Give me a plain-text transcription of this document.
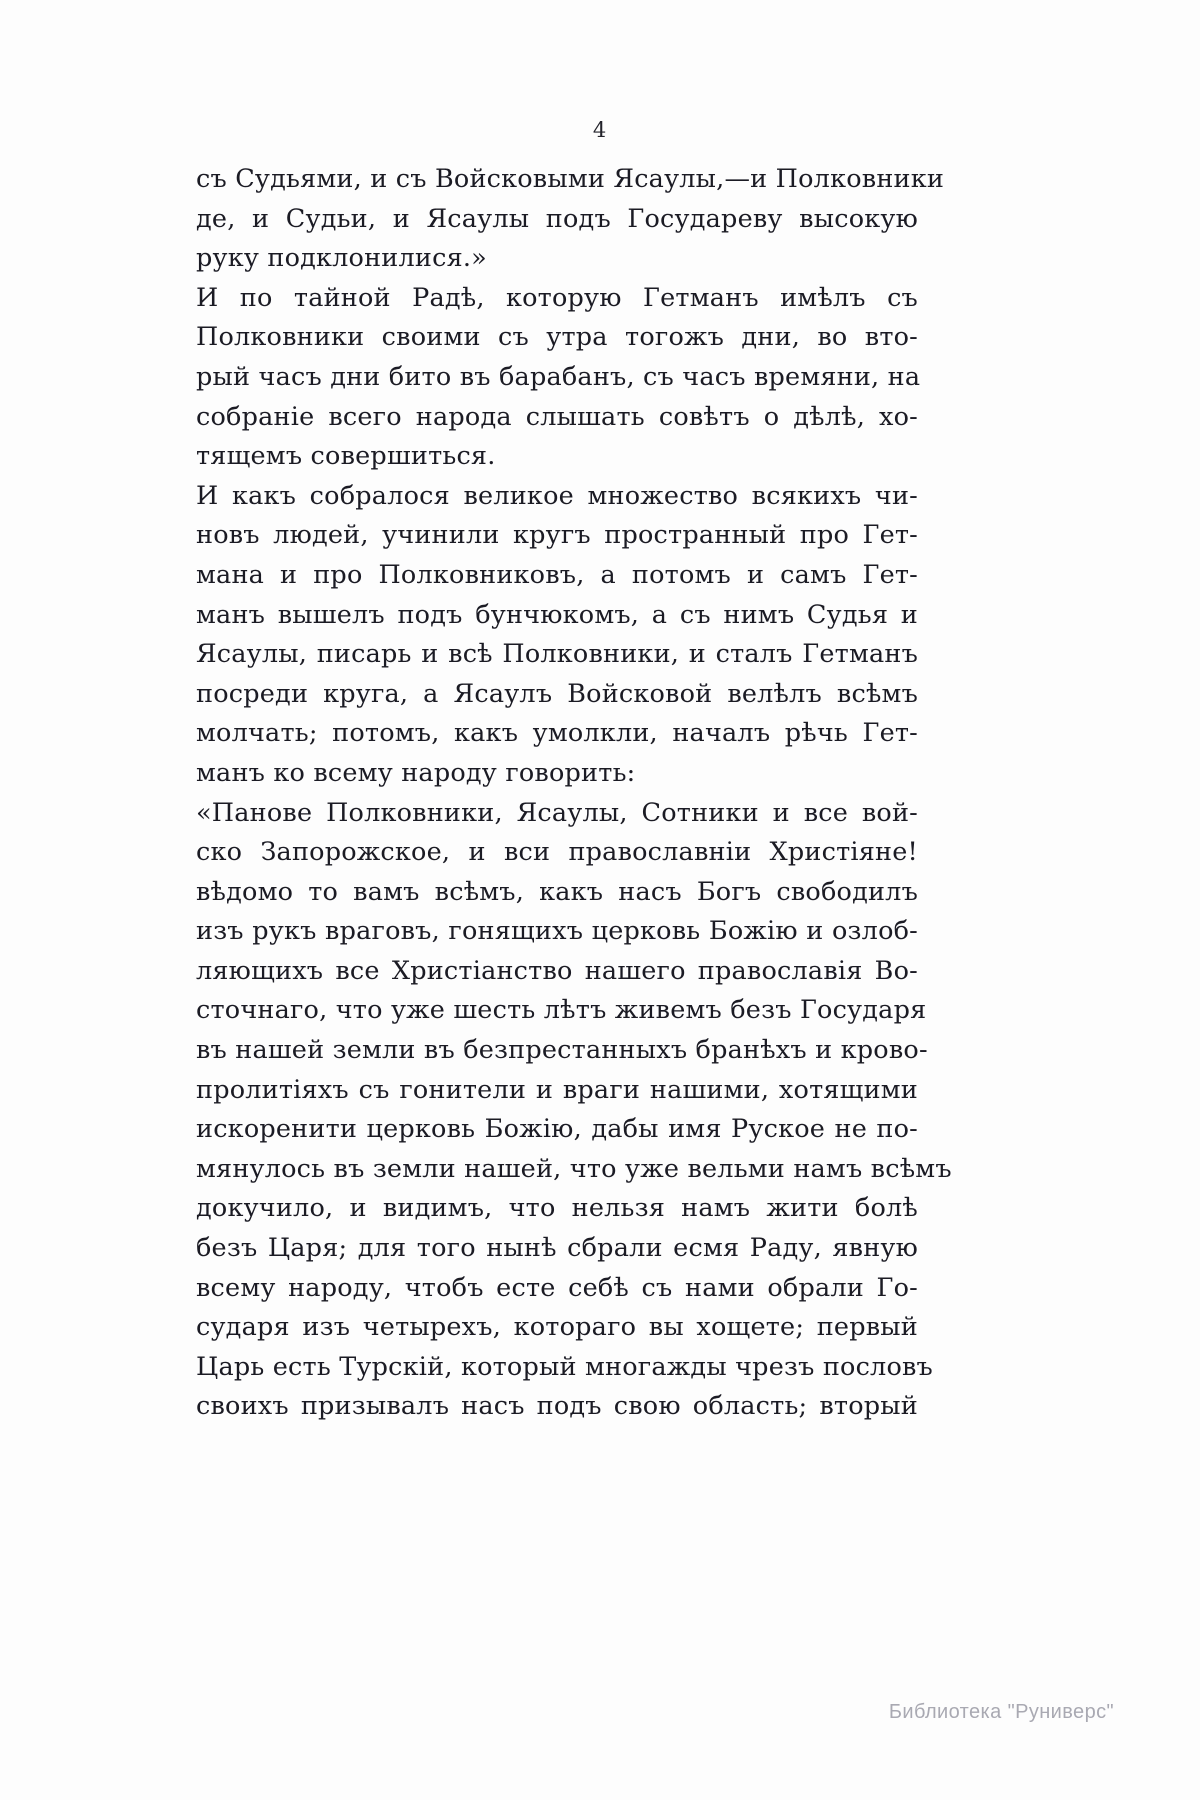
4
съ Судьями, и съ Войсковыми Ясаулы,—и Полковники
де, и Судьи, и Ясаулы подъ Государеву высокую
руку подклонилися.»
И по тайной Радѣ, которую Гетманъ имѣлъ съ
Полковники своими съ утра тогожъ дни, во вто-
рый часъ дни бито въ барабанъ, съ часъ времяни, на
собраніе всего народа слышать совѣтъ о дѣлѣ, хо-
тящемъ совершиться.
И какъ собралося великое множество всякихъ чи-
новъ людей, учинили кругъ пространный про Гет-
мана и про Полковниковъ, а потомъ и самъ Гет-
манъ вышелъ подъ бунчюкомъ, а съ нимъ Судья и
Ясаулы, писарь и всѣ Полковники, и сталъ Гетманъ
посреди круга, а Ясаулъ Войсковой велѣлъ всѣмъ
молчать; потомъ, какъ умолкли, началъ рѣчь Гет-
манъ ко всему народу говорить:
«Панове Полковники, Ясаулы, Сотники и все вой-
ско Запорожское, и вси православніи Христіяне!
вѣдомо то вамъ всѣмъ, какъ насъ Богъ свободилъ
изъ рукъ враговъ, гонящихъ церковь Божію и озлоб-
ляющихъ все Христіанство нашего православія Во-
сточнаго, что уже шесть лѣтъ живемъ безъ Государя
въ нашей земли въ безпрестанныхъ бранѣхъ и крово-
пролитіяхъ съ гонители и враги нашими, хотящими
искоренити церковь Божію, дабы имя Руское не по-
мянулось въ земли нашей, что уже вельми намъ всѣмъ
докучило, и видимъ, что нельзя намъ жити болѣ
безъ Царя; для того нынѣ сбрали есмя Раду, явную
всему народу, чтобъ есте себѣ съ нами обрали Го-
сударя изъ четырехъ, котораго вы хощете; первый
Царь есть Турскій, который многажды чрезъ пословъ
своихъ призывалъ насъ подъ свою область; вторый
Библиотека "Руниверс"
